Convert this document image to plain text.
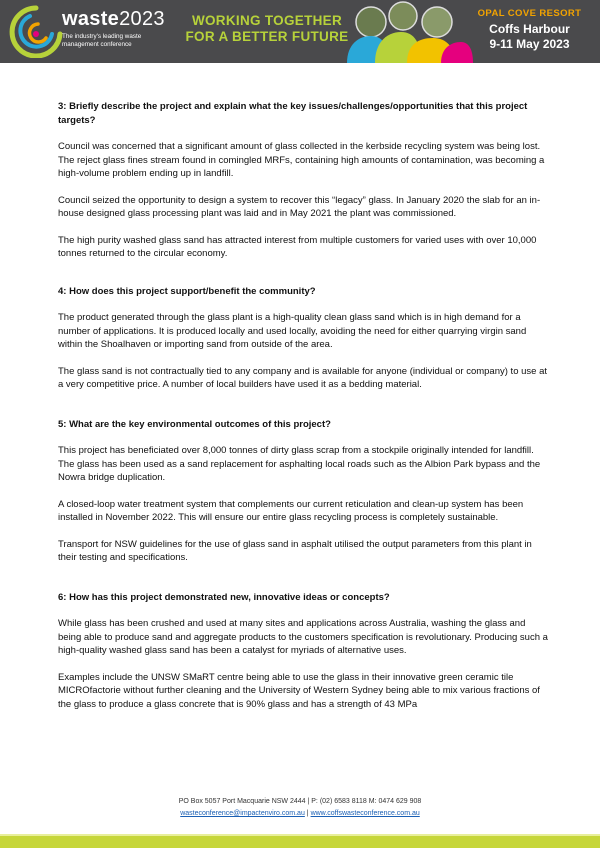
waste2023
The industry's leading waste management conference
WORKING TOGETHER
FOR A BETTER FUTURE
OPAL COVE RESORT
Coffs Harbour
9-11 May 2023
3: Briefly describe the project and explain what the key issues/challenges/opportunities that this project targets?
Council was concerned that a significant amount of glass collected in the kerbside recycling system was being lost. The reject glass fines stream found in comingled MRFs, containing high amounts of contamination, was becoming a high-volume problem ending up in landfill.
Council seized the opportunity to design a system to recover this “legacy” glass. In January 2020 the slab for an in-house designed glass processing plant was laid and in May 2021 the plant was commissioned.
The high purity washed glass sand has attracted interest from multiple customers for varied uses with over 10,000 tonnes returned to the circular economy.
4: How does this project support/benefit the community?
The product generated through the glass plant is a high-quality clean glass sand which is in high demand for a number of applications. It is produced locally and used locally, avoiding the need for either quarrying virgin sand within the Shoalhaven or importing sand from outside of the area.
The glass sand is not contractually tied to any company and is available for anyone (individual or company) to use at a very competitive price. A number of local builders have used it as a bedding material.
5: What are the key environmental outcomes of this project?
This project has beneficiated over 8,000 tonnes of dirty glass scrap from a stockpile originally intended for landfill. The glass has been used as a sand replacement for asphalting local roads such as the Albion Park bypass and the Nowra bridge duplication.
A closed-loop water treatment system that complements our current reticulation and clean-up system has been installed in November 2022. This will ensure our entire glass recycling process is completely sustainable.
Transport for NSW guidelines for the use of glass sand in asphalt utilised the output parameters from this plant in their testing and specifications.
6: How has this project demonstrated new, innovative ideas or concepts?
While glass has been crushed and used at many sites and applications across Australia, washing the glass and being able to produce sand and aggregate products to the customers specification is revolutionary. Producing such a high-quality washed glass sand has been a catalyst for myriads of alternative uses.
Examples include the UNSW SMaRT centre being able to use the glass in their innovative green ceramic tile MICROfactorie without further cleaning and the University of Western Sydney being able to mix various fractions of the glass to produce a glass concrete that is 90% glass and has a strength of 43 MPa
PO Box 5057 Port Macquarie NSW 2444 | P: (02) 6583 8118 M: 0474 629 908
wasteconference@impactenviro.com.au | www.coffswasteconference.com.au
